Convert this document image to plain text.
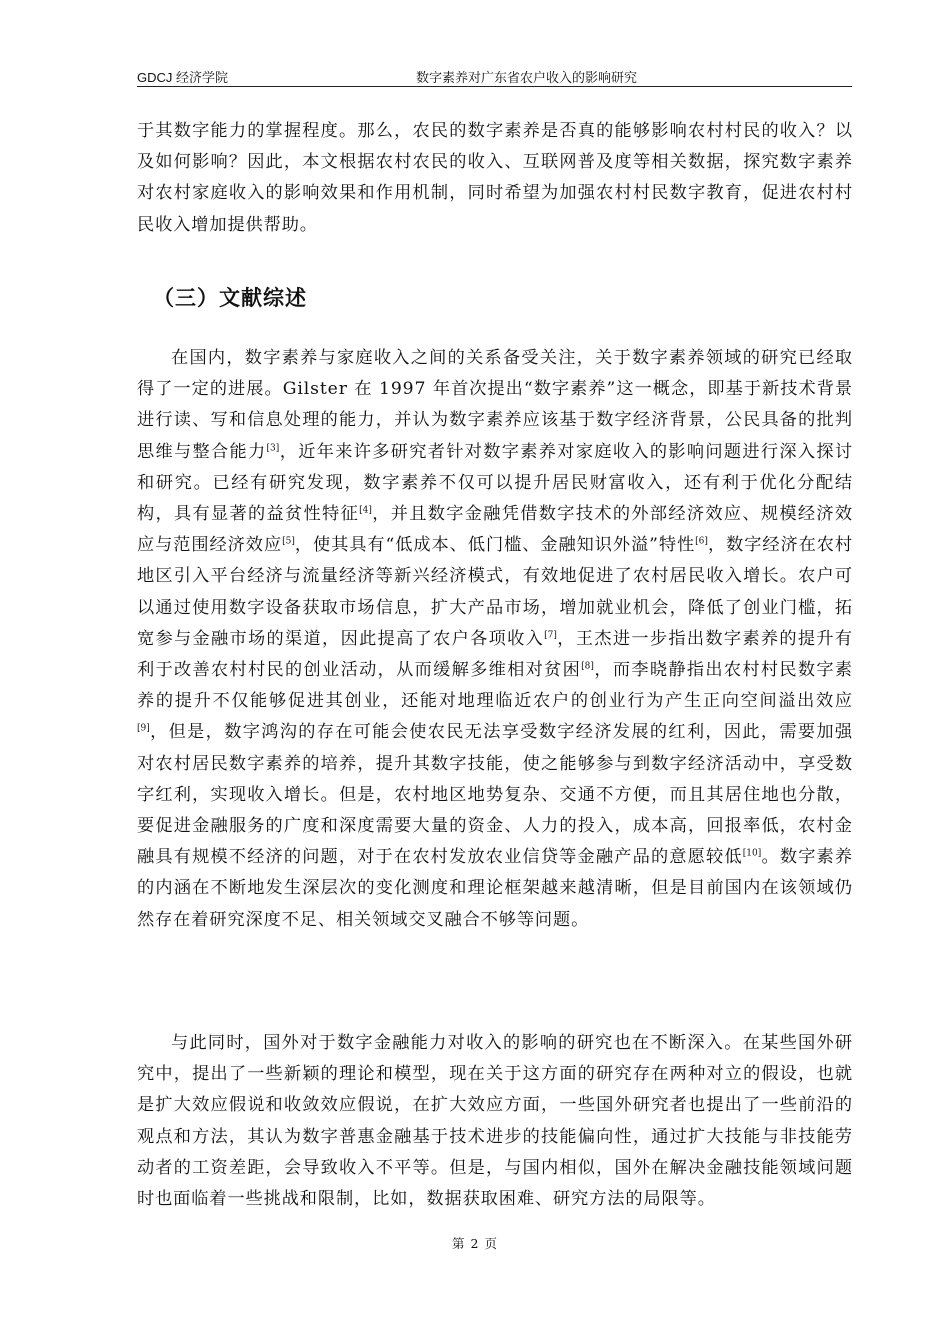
GDCJ 经济学院	数字素养对广东省农户收入的影响研究

于其数字能力的掌握程度。那么，农民的数字素养是否真的能够影响农村村民的收入？以及如何影响？因此，本文根据农村农民的收入、互联网普及度等相关数据，探究数字素养对农村家庭收入的影响效果和作用机制，同时希望为加强农村村民数字教育，促进农村村民收入增加提供帮助。

（三）文献综述

在国内，数字素养与家庭收入之间的关系备受关注，关于数字素养领域的研究已经取得了一定的进展。Gilster 在 1997 年首次提出“数字素养”这一概念，即基于新技术背景进行读、写和信息处理的能力，并认为数字素养应该基于数字经济背景，公民具备的批判思维与整合能力[3]，近年来许多研究者针对数字素养对家庭收入的影响问题进行深入探讨和研究。已经有研究发现，数字素养不仅可以提升居民财富收入，还有利于优化分配结构，具有显著的益贫性特征[4]，并且数字金融凭借数字技术的外部经济效应、规模经济效应与范围经济效应[5]，使其具有“低成本、低门槛、金融知识外溢”特性[6]，数字经济在农村地区引入平台经济与流量经济等新兴经济模式，有效地促进了农村居民收入增长。农户可以通过使用数字设备获取市场信息，扩大产品市场，增加就业机会，降低了创业门槛，拓宽参与金融市场的渠道，因此提高了农户各项收入[7]，王杰进一步指出数字素养的提升有利于改善农村村民的创业活动，从而缓解多维相对贫困[8]，而李晓静指出农村村民数字素养的提升不仅能够促进其创业，还能对地理临近农户的创业行为产生正向空间溢出效应[9]，但是，数字鸿沟的存在可能会使农民无法享受数字经济发展的红利，因此，需要加强对农村居民数字素养的培养，提升其数字技能，使之能够参与到数字经济活动中，享受数字红利，实现收入增长。但是，农村地区地势复杂、交通不方便，而且其居住地也分散，要促进金融服务的广度和深度需要大量的资金、人力的投入，成本高，回报率低，农村金融具有规模不经济的问题，对于在农村发放农业信贷等金融产品的意愿较低[10]。数字素养的内涵在不断地发生深层次的变化测度和理论框架越来越清晰，但是目前国内在该领域仍然存在着研究深度不足、相关领域交叉融合不够等问题。

与此同时，国外对于数字金融能力对收入的影响的研究也在不断深入。在某些国外研究中，提出了一些新颖的理论和模型，现在关于这方面的研究存在两种对立的假设，也就是扩大效应假说和收敛效应假说，在扩大效应方面，一些国外研究者也提出了一些前沿的观点和方法，其认为数字普惠金融基于技术进步的技能偏向性，通过扩大技能与非技能劳动者的工资差距，会导致收入不平等。但是，与国内相似，国外在解决金融技能领域问题时也面临着一些挑战和限制，比如，数据获取困难、研究方法的局限等。

第 2 页
